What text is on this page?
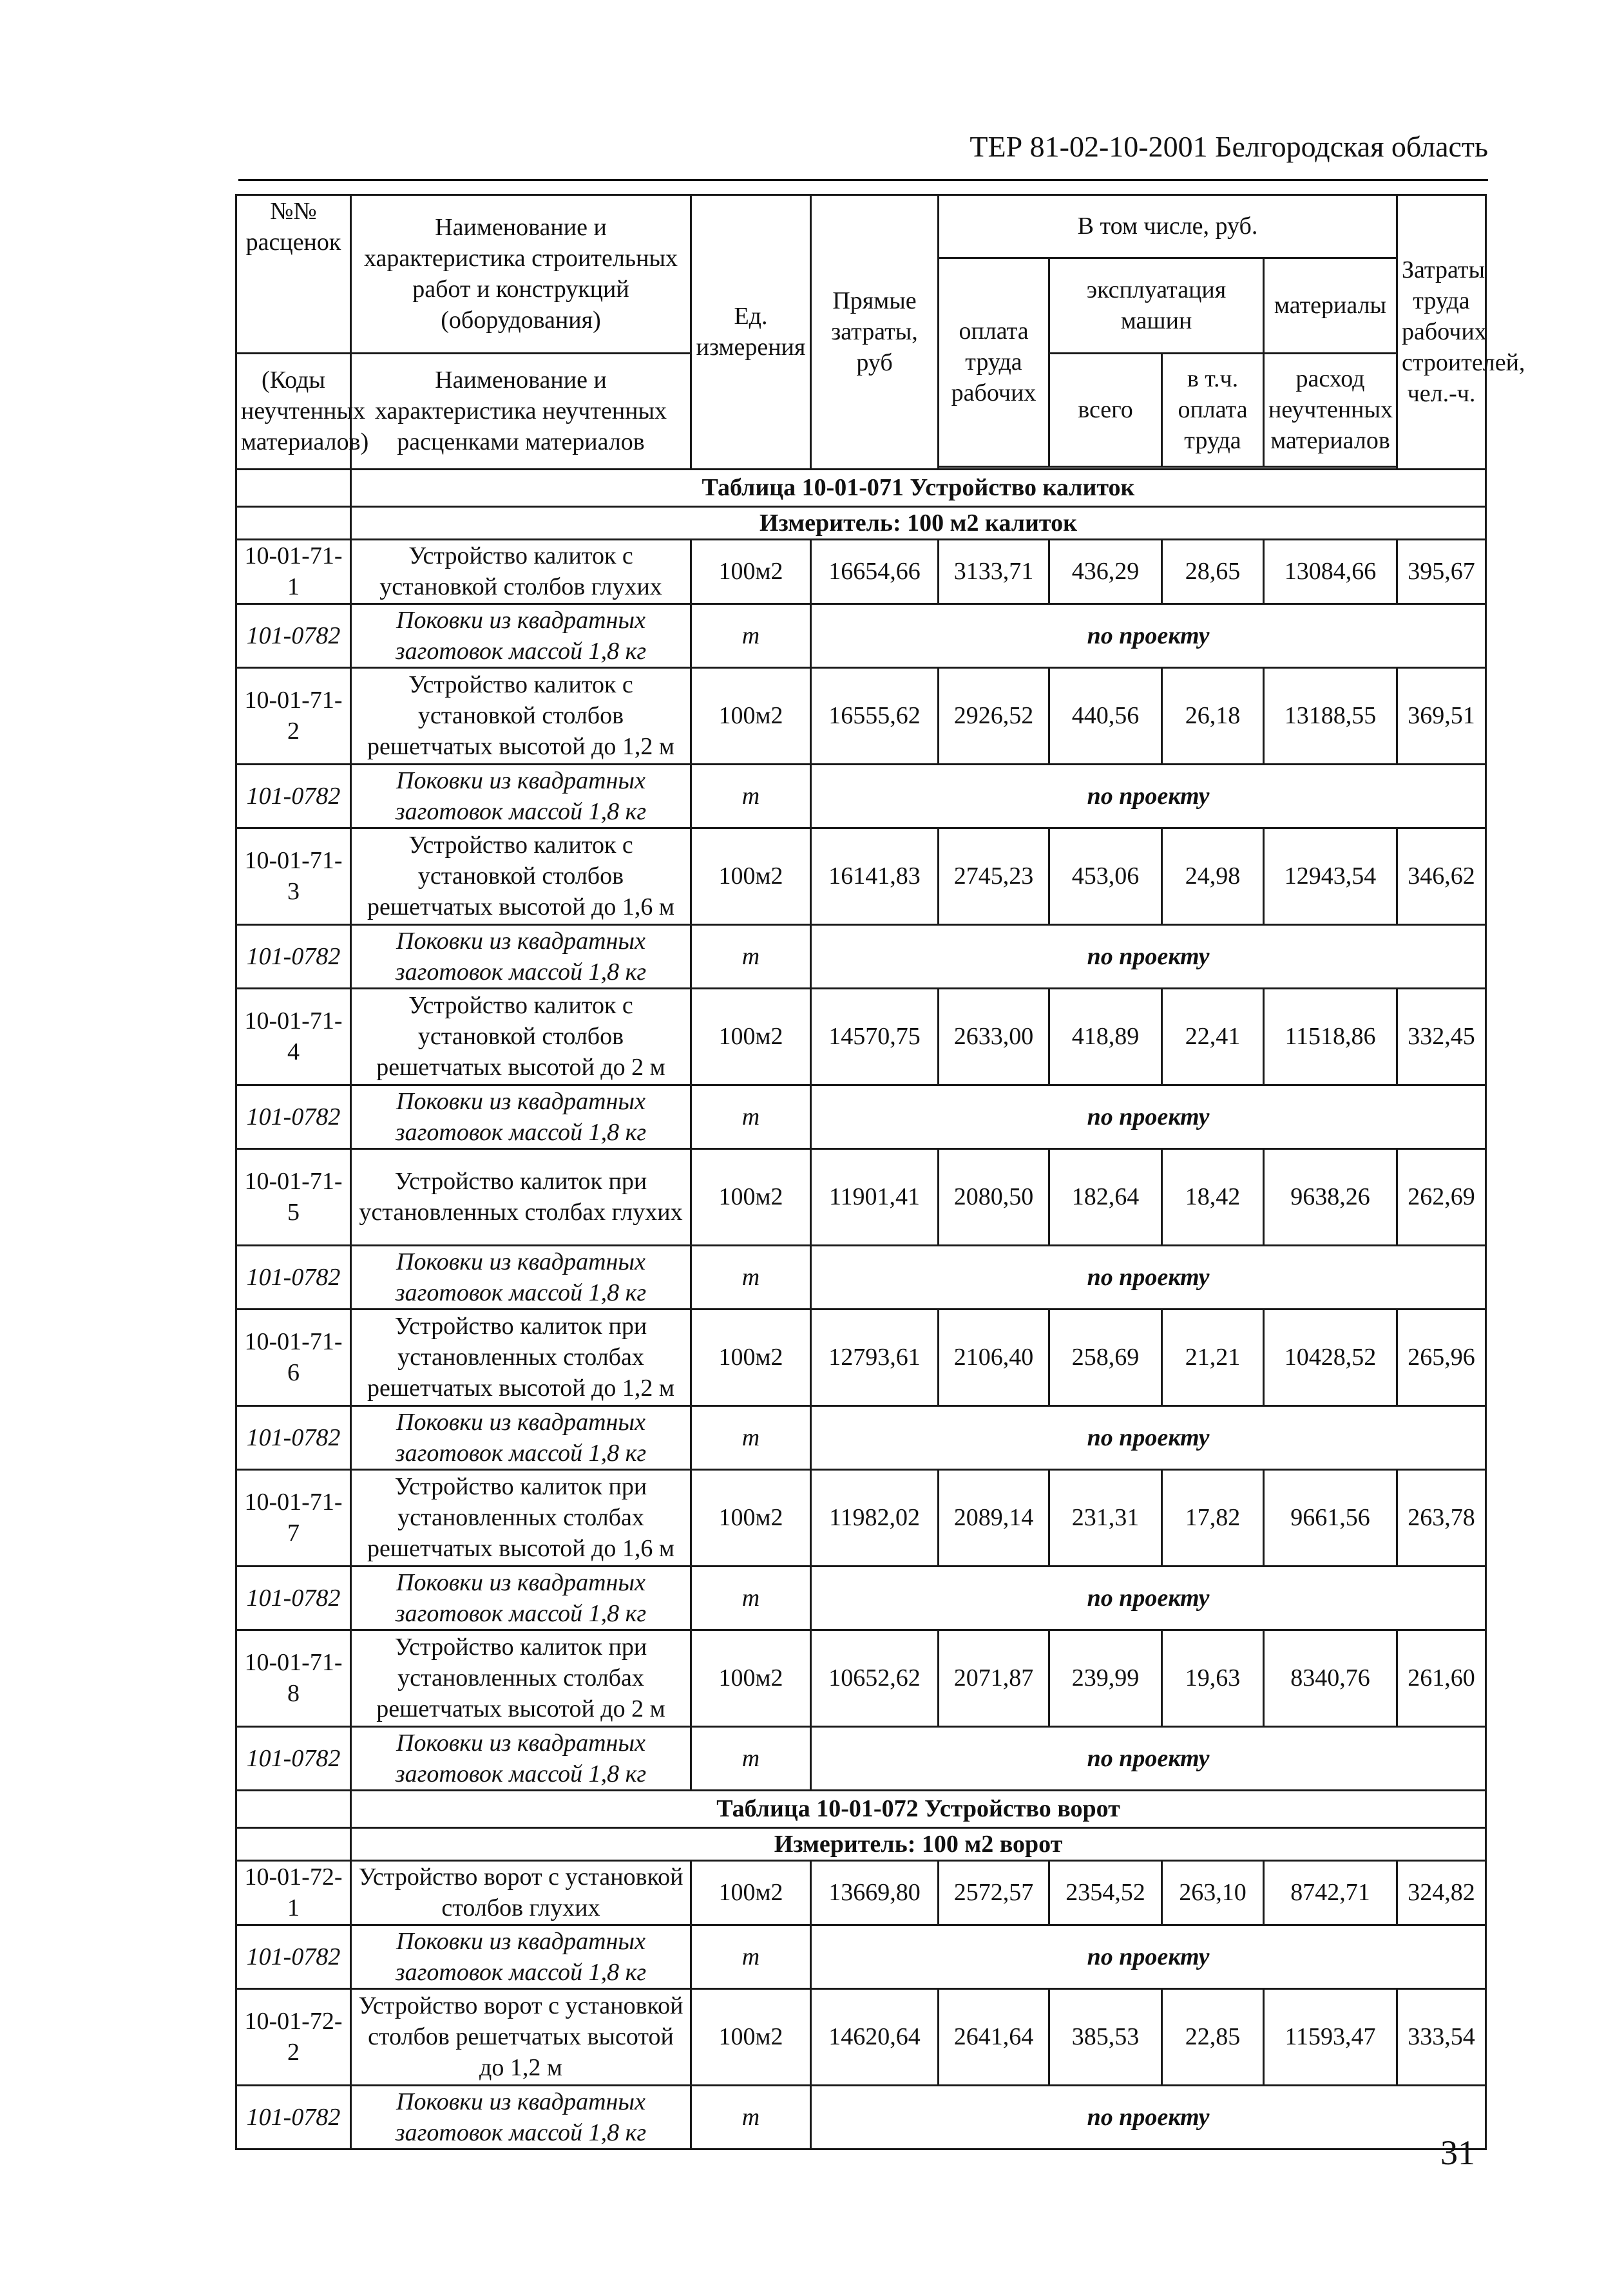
ТЕР 81-02-10-2001 Белгородская область
№№ расценок	Наименование и характеристика строительных работ и конструкций (оборудования)	Ед. измерения	Прямые затраты, руб	В том числе, руб.				Затраты труда рабочих строителей, чел.-ч.
				оплата труда рабочих	эксплуатация машин		материалы	
(Коды неучтенных материалов)	Наименование и характеристика неучтенных расценками материалов				всего	в т.ч. оплата труда	расход неучтенных материалов	

	Таблица 10-01-071 Устройство калиток							
	Измеритель: 100 м2 калиток							
10-01-71-1	Устройство калиток с установкой столбов глухих	100м2	16654,66	3133,71	436,29	28,65	13084,66	395,67
101-0782	Поковки из квадратных заготовок массой 1,8 кг	т	по проекту					
10-01-71-2	Устройство калиток с установкой столбов решетчатых высотой до 1,2 м	100м2	16555,62	2926,52	440,56	26,18	13188,55	369,51
101-0782	Поковки из квадратных заготовок массой 1,8 кг	т	по проекту					
10-01-71-3	Устройство калиток с установкой столбов решетчатых высотой до 1,6 м	100м2	16141,83	2745,23	453,06	24,98	12943,54	346,62
101-0782	Поковки из квадратных заготовок массой 1,8 кг	т	по проекту					
10-01-71-4	Устройство калиток с установкой столбов решетчатых высотой до 2 м	100м2	14570,75	2633,00	418,89	22,41	11518,86	332,45
101-0782	Поковки из квадратных заготовок массой 1,8 кг	т	по проекту					
10-01-71-5	Устройство калиток при установленных столбах глухих	100м2	11901,41	2080,50	182,64	18,42	9638,26	262,69
101-0782	Поковки из квадратных заготовок массой 1,8 кг	т	по проекту					
10-01-71-6	Устройство калиток при установленных столбах решетчатых высотой до 1,2 м	100м2	12793,61	2106,40	258,69	21,21	10428,52	265,96
101-0782	Поковки из квадратных заготовок массой 1,8 кг	т	по проекту					
10-01-71-7	Устройство калиток при установленных столбах решетчатых высотой до 1,6 м	100м2	11982,02	2089,14	231,31	17,82	9661,56	263,78
101-0782	Поковки из квадратных заготовок массой 1,8 кг	т	по проекту					
10-01-71-8	Устройство калиток при установленных столбах решетчатых высотой до 2 м	100м2	10652,62	2071,87	239,99	19,63	8340,76	261,60
101-0782	Поковки из квадратных заготовок массой 1,8 кг	т	по проекту					
	Таблица 10-01-072 Устройство ворот							
	Измеритель: 100 м2 ворот							
10-01-72-1	Устройство ворот с установкой столбов глухих	100м2	13669,80	2572,57	2354,52	263,10	8742,71	324,82
101-0782	Поковки из квадратных заготовок массой 1,8 кг	т	по проекту					
10-01-72-2	Устройство ворот с установкой столбов решетчатых высотой до 1,2 м	100м2	14620,64	2641,64	385,53	22,85	11593,47	333,54
101-0782	Поковки из квадратных заготовок массой 1,8 кг	т	по проекту					
31
